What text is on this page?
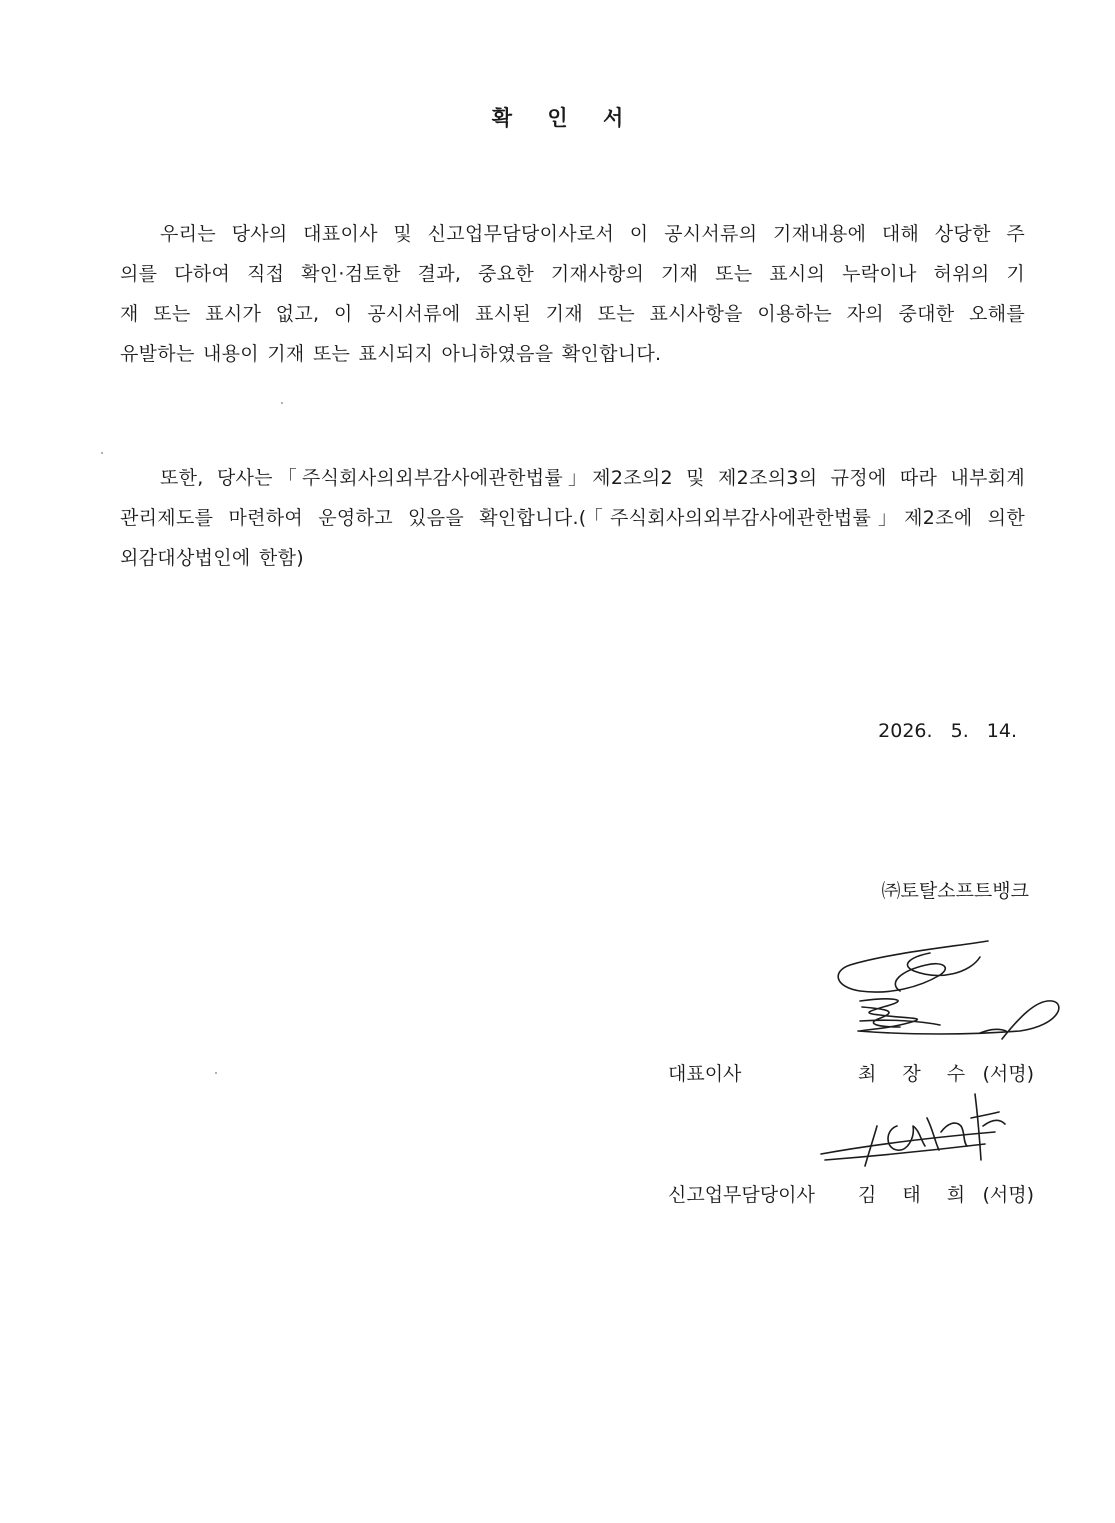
확 인 서
우리는 당사의 대표이사 및 신고업무담당이사로서 이 공시서류의 기재내용에 대해 상당한 주
의를 다하여 직접 확인·검토한 결과, 중요한 기재사항의 기재 또는 표시의 누락이나 허위의 기
재 또는 표시가 없고, 이 공시서류에 표시된 기재 또는 표시사항을 이용하는 자의 중대한 오해를
유발하는 내용이 기재 또는 표시되지 아니하였음을 확인합니다.
또한, 당사는「주식회사의외부감사에관한법률」제2조의2 및 제2조의3의 규정에 따라 내부회계
관리제도를 마련하여 운영하고 있음을 확인합니다.(「주식회사의외부감사에관한법률」제2조에 의한
외감대상법인에 한함)
2026. 5. 14.
㈜토탈소프트뱅크
대표이사	최 장 수 (서명)
신고업무담당이사 김 태 희 (서명)
